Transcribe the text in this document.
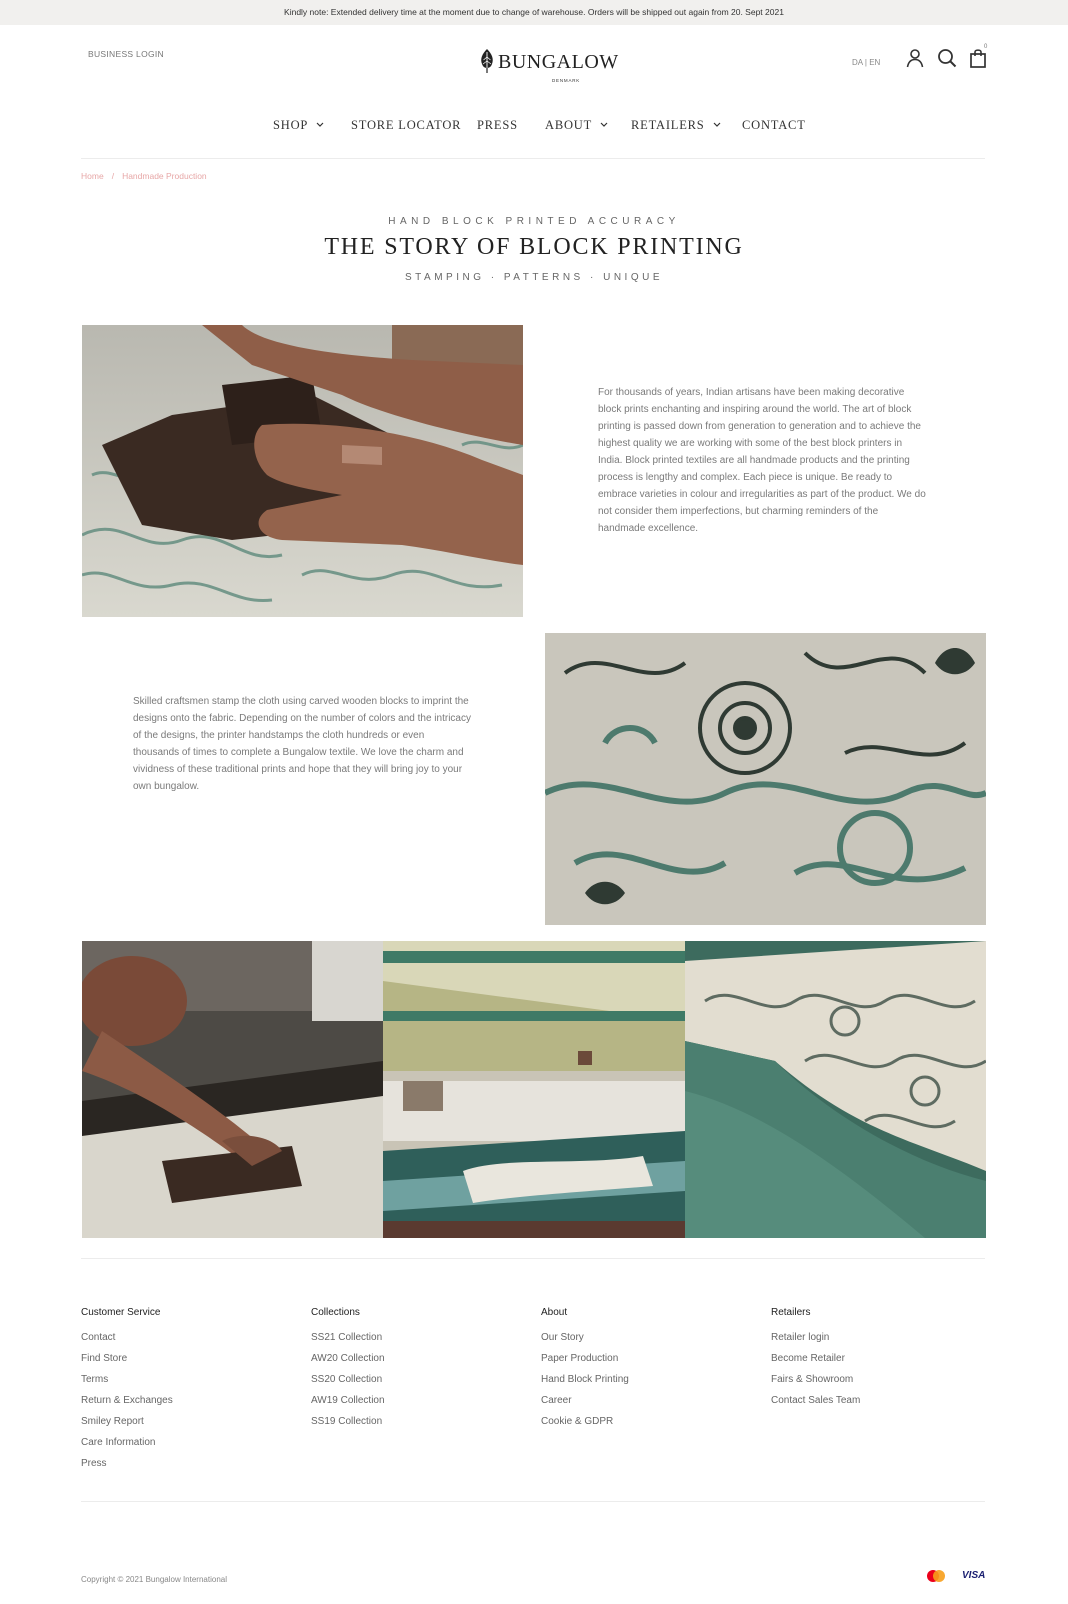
Kindly note: Extended delivery time at the moment due to change of warehouse. Orders will be shipped out again from 20. Sept 2021
BUSINESS LOGIN	BUNGALOW
DENMARK
DA | EN
0
SHOP	STORE LOCATOR PRESS ABOUT	RETAILERS	CONTACT
Home / Handmade Production
HAND BLOCK PRINTED ACCURACY
THE STORY OF BLOCK PRINTING
STAMPING · PATTERNS · UNIQUE

For thousands of years, Indian artisans have been making decorative block prints enchanting and inspiring around the world. The art of block printing is passed down from generation to generation and to achieve the highest quality we are working with some of the best block printers in India. Block printed textiles are all handmade products and the printing process is lengthy and complex. Each piece is unique. Be ready to embrace varieties in colour and irregularities as part of the product. We do not consider them imperfections, but charming reminders of the handmade excellence.

Skilled craftsmen stamp the cloth using carved wooden blocks to imprint the designs onto the fabric. Depending on the number of colors and the intricacy of the designs, the printer handstamps the cloth hundreds or even thousands of times to complete a Bungalow textile. We love the charm and vividness of these traditional prints and hope that they will bring joy to your own bungalow.

Customer Service
Contact
Find Store
Terms
Return & Exchanges
Smiley Report
Care Information
Press
Collections
SS21 Collection
AW20 Collection
SS20 Collection
AW19 Collection
SS19 Collection
About
Our Story
Paper Production
Hand Block Printing
Career
Cookie & GDPR
Retailers
Retailer login
Become Retailer
Fairs & Showroom
Contact Sales Team
Copyright © 2021 Bungalow International	VISA
